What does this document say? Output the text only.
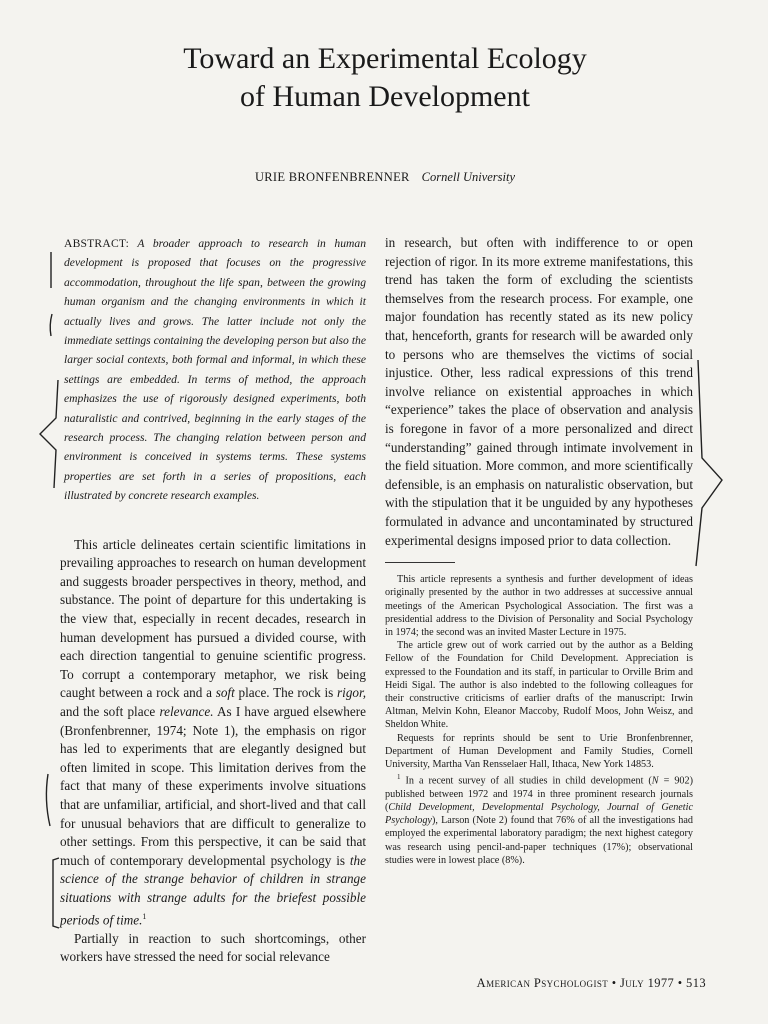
Toward an Experimental Ecology
of Human Development
URIE BRONFENBRENNER Cornell University

ABSTRACT: A broader approach to research in human development is proposed that focuses on the progressive accommodation, throughout the life span, between the growing human organism and the changing environments in which it actually lives and grows. The latter include not only the immediate settings containing the developing person but also the larger social contexts, both formal and informal, in which these settings are embedded. In terms of method, the approach emphasizes the use of rigorously designed experiments, both naturalistic and contrived, beginning in the early stages of the research process. The changing relation between person and environment is conceived in systems terms. These systems properties are set forth in a series of propositions, each illustrated by concrete research examples.

This article delineates certain scientific limitations in prevailing approaches to research on human development and suggests broader perspectives in theory, method, and substance. The point of departure for this undertaking is the view that, especially in recent decades, research in human development has pursued a divided course, with each direction tangential to genuine scientific progress. To corrupt a contemporary metaphor, we risk being caught between a rock and a soft place. The rock is rigor, and the soft place relevance. As I have argued elsewhere (Bronfenbrenner, 1974; Note 1), the emphasis on rigor has led to experiments that are elegantly designed but often limited in scope. This limitation derives from the fact that many of these experiments involve situations that are unfamiliar, artificial, and short-lived and that call for unusual behaviors that are difficult to generalize to other settings. From this perspective, it can be said that much of contemporary developmental psychology is the science of the strange behavior of children in strange situations with strange adults for the briefest possible periods of time.$^1$

Partially in reaction to such shortcomings, other workers have stressed the need for social relevance

in research, but often with indifference to or open rejection of rigor. In its more extreme manifestations, this trend has taken the form of excluding the scientists themselves from the research process. For example, one major foundation has recently stated as its new policy that, henceforth, grants for research will be awarded only to persons who are themselves the victims of social injustice. Other, less radical expressions of this trend involve reliance on existential approaches in which “experience” takes the place of observation and analysis is foregone in favor of a more personalized and direct “understanding” gained through intimate involvement in the field situation. More common, and more scientifically defensible, is an emphasis on naturalistic observation, but with the stipulation that it be unguided by any hypotheses formulated in advance and uncontaminated by structured experimental designs imposed prior to data collection.

This article represents a synthesis and further development of ideas originally presented by the author in two addresses at successive annual meetings of the American Psychological Association. The first was a presidential address to the Division of Personality and Social Psychology in 1974; the second was an invited Master Lecture in 1975.

The article grew out of work carried out by the author as a Belding Fellow of the Foundation for Child Development. Appreciation is expressed to the Foundation and its staff, in particular to Orville Brim and Heidi Sigal. The author is also indebted to the following colleagues for their constructive criticisms of earlier drafts of the manuscript: Irwin Altman, Melvin Kohn, Eleanor Maccoby, Rudolf Moos, John Weisz, and Sheldon White.

Requests for reprints should be sent to Urie Bronfenbrenner, Department of Human Development and Family Studies, Cornell University, Martha Van Rensselaer Hall, Ithaca, New York 14853.

$^1$ In a recent survey of all studies in child development (N = 902) published between 1972 and 1974 in three prominent research journals (Child Development, Developmental Psychology, Journal of Genetic Psychology), Larson (Note 2) found that 76% of all the investigations had employed the experimental laboratory paradigm; the next highest category was research using pencil-and-paper techniques (17%); observational studies were in lowest place (8%).

American Psychologist • July 1977 • 513
